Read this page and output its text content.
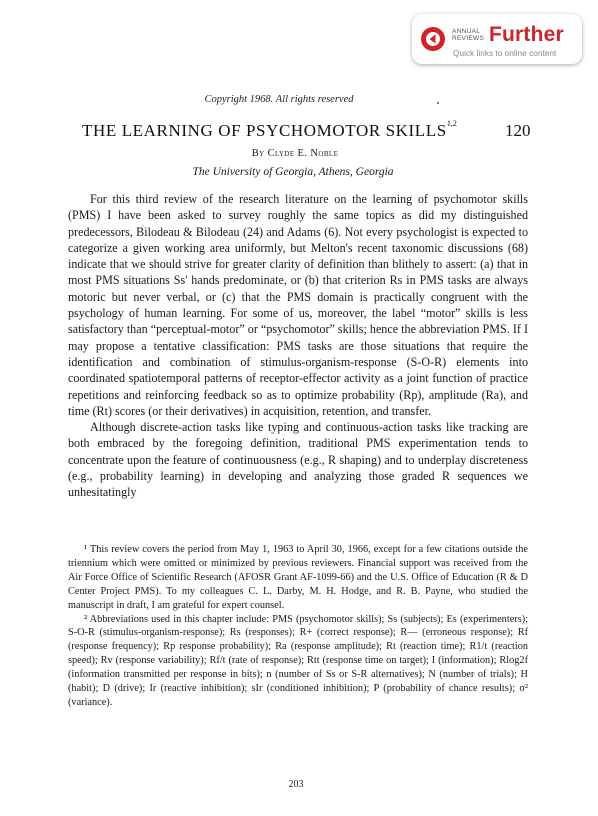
ANNUAL
REVIEWS Further
Quick links to online content
Copyright 1968. All rights reserved
THE LEARNING OF PSYCHOMOTOR SKILLS$^{1,2}$	120
By Clyde E. Noble
The University of Georgia, Athens, Georgia

For this third review of the research literature on the learning of psychomotor skills (PMS) I have been asked to survey roughly the same topics as did my distinguished predecessors, Bilodeau & Bilodeau (24) and Adams (6). Not every psychologist is expected to categorize a given working area uniformly, but Melton's recent taxonomic discussions (68) indicate that we should strive for greater clarity of definition than blithely to assert: (a) that in most PMS situations Ss' hands predominate, or (b) that criterion Rs in PMS tasks are always motoric but never verbal, or (c) that the PMS domain is practically congruent with the psychology of human learning. For some of us, moreover, the label “motor” skills is less satisfactory than “perceptual-motor” or “psychomotor” skills; hence the abbreviation PMS. If I may propose a tentative classification: PMS tasks are those situations that require the identification and combination of stimulus-organism-response (S-O-R) elements into coordinated spatiotemporal patterns of receptor-effector activity as a joint function of practice repetitions and reinforcing feedback so as to optimize probability (Rp), amplitude (Ra), and time (Rt) scores (or their derivatives) in acquisition, retention, and transfer.

Although discrete-action tasks like typing and continuous-action tasks like tracking are both embraced by the foregoing definition, traditional PMS experimentation tends to concentrate upon the feature of continuousness (e.g., R shaping) and to underplay discreteness (e.g., probability learning) in developing and analyzing those graded R sequences we unhesitatingly

¹ This review covers the period from May 1, 1963 to April 30, 1966, except for a few citations outside the triennium which were omitted or minimized by previous reviewers. Financial support was received from the Air Force Office of Scientific Research (AFOSR Grant AF-1099-66) and the U.S. Office of Education (R & D Center Project PMS). To my colleagues C. L. Darby, M. H. Hodge, and R. B. Payne, who studied the manuscript in draft, I am grateful for expert counsel.

² Abbreviations used in this chapter include: PMS (psychomotor skills); Ss (subjects); Es (experimenters); S-O-R (stimulus-organism-response); Rs (responses); R+ (correct response); R— (erroneous response); Rf (response frequency); Rp response probability); Ra (response amplitude); Rt (reaction time); R1/t (reaction speed); Rv (response variability); Rf/t (rate of response); Rtt (response time on target); I (information); Rlog2f (information transmitted per response in bits); n (number of Ss or S-R alternatives); N (number of trials); H (habit); D (drive); Ir (reactive inhibition); sIr (conditioned inhibition); P (probability of chance results); σ² (variance).

203
